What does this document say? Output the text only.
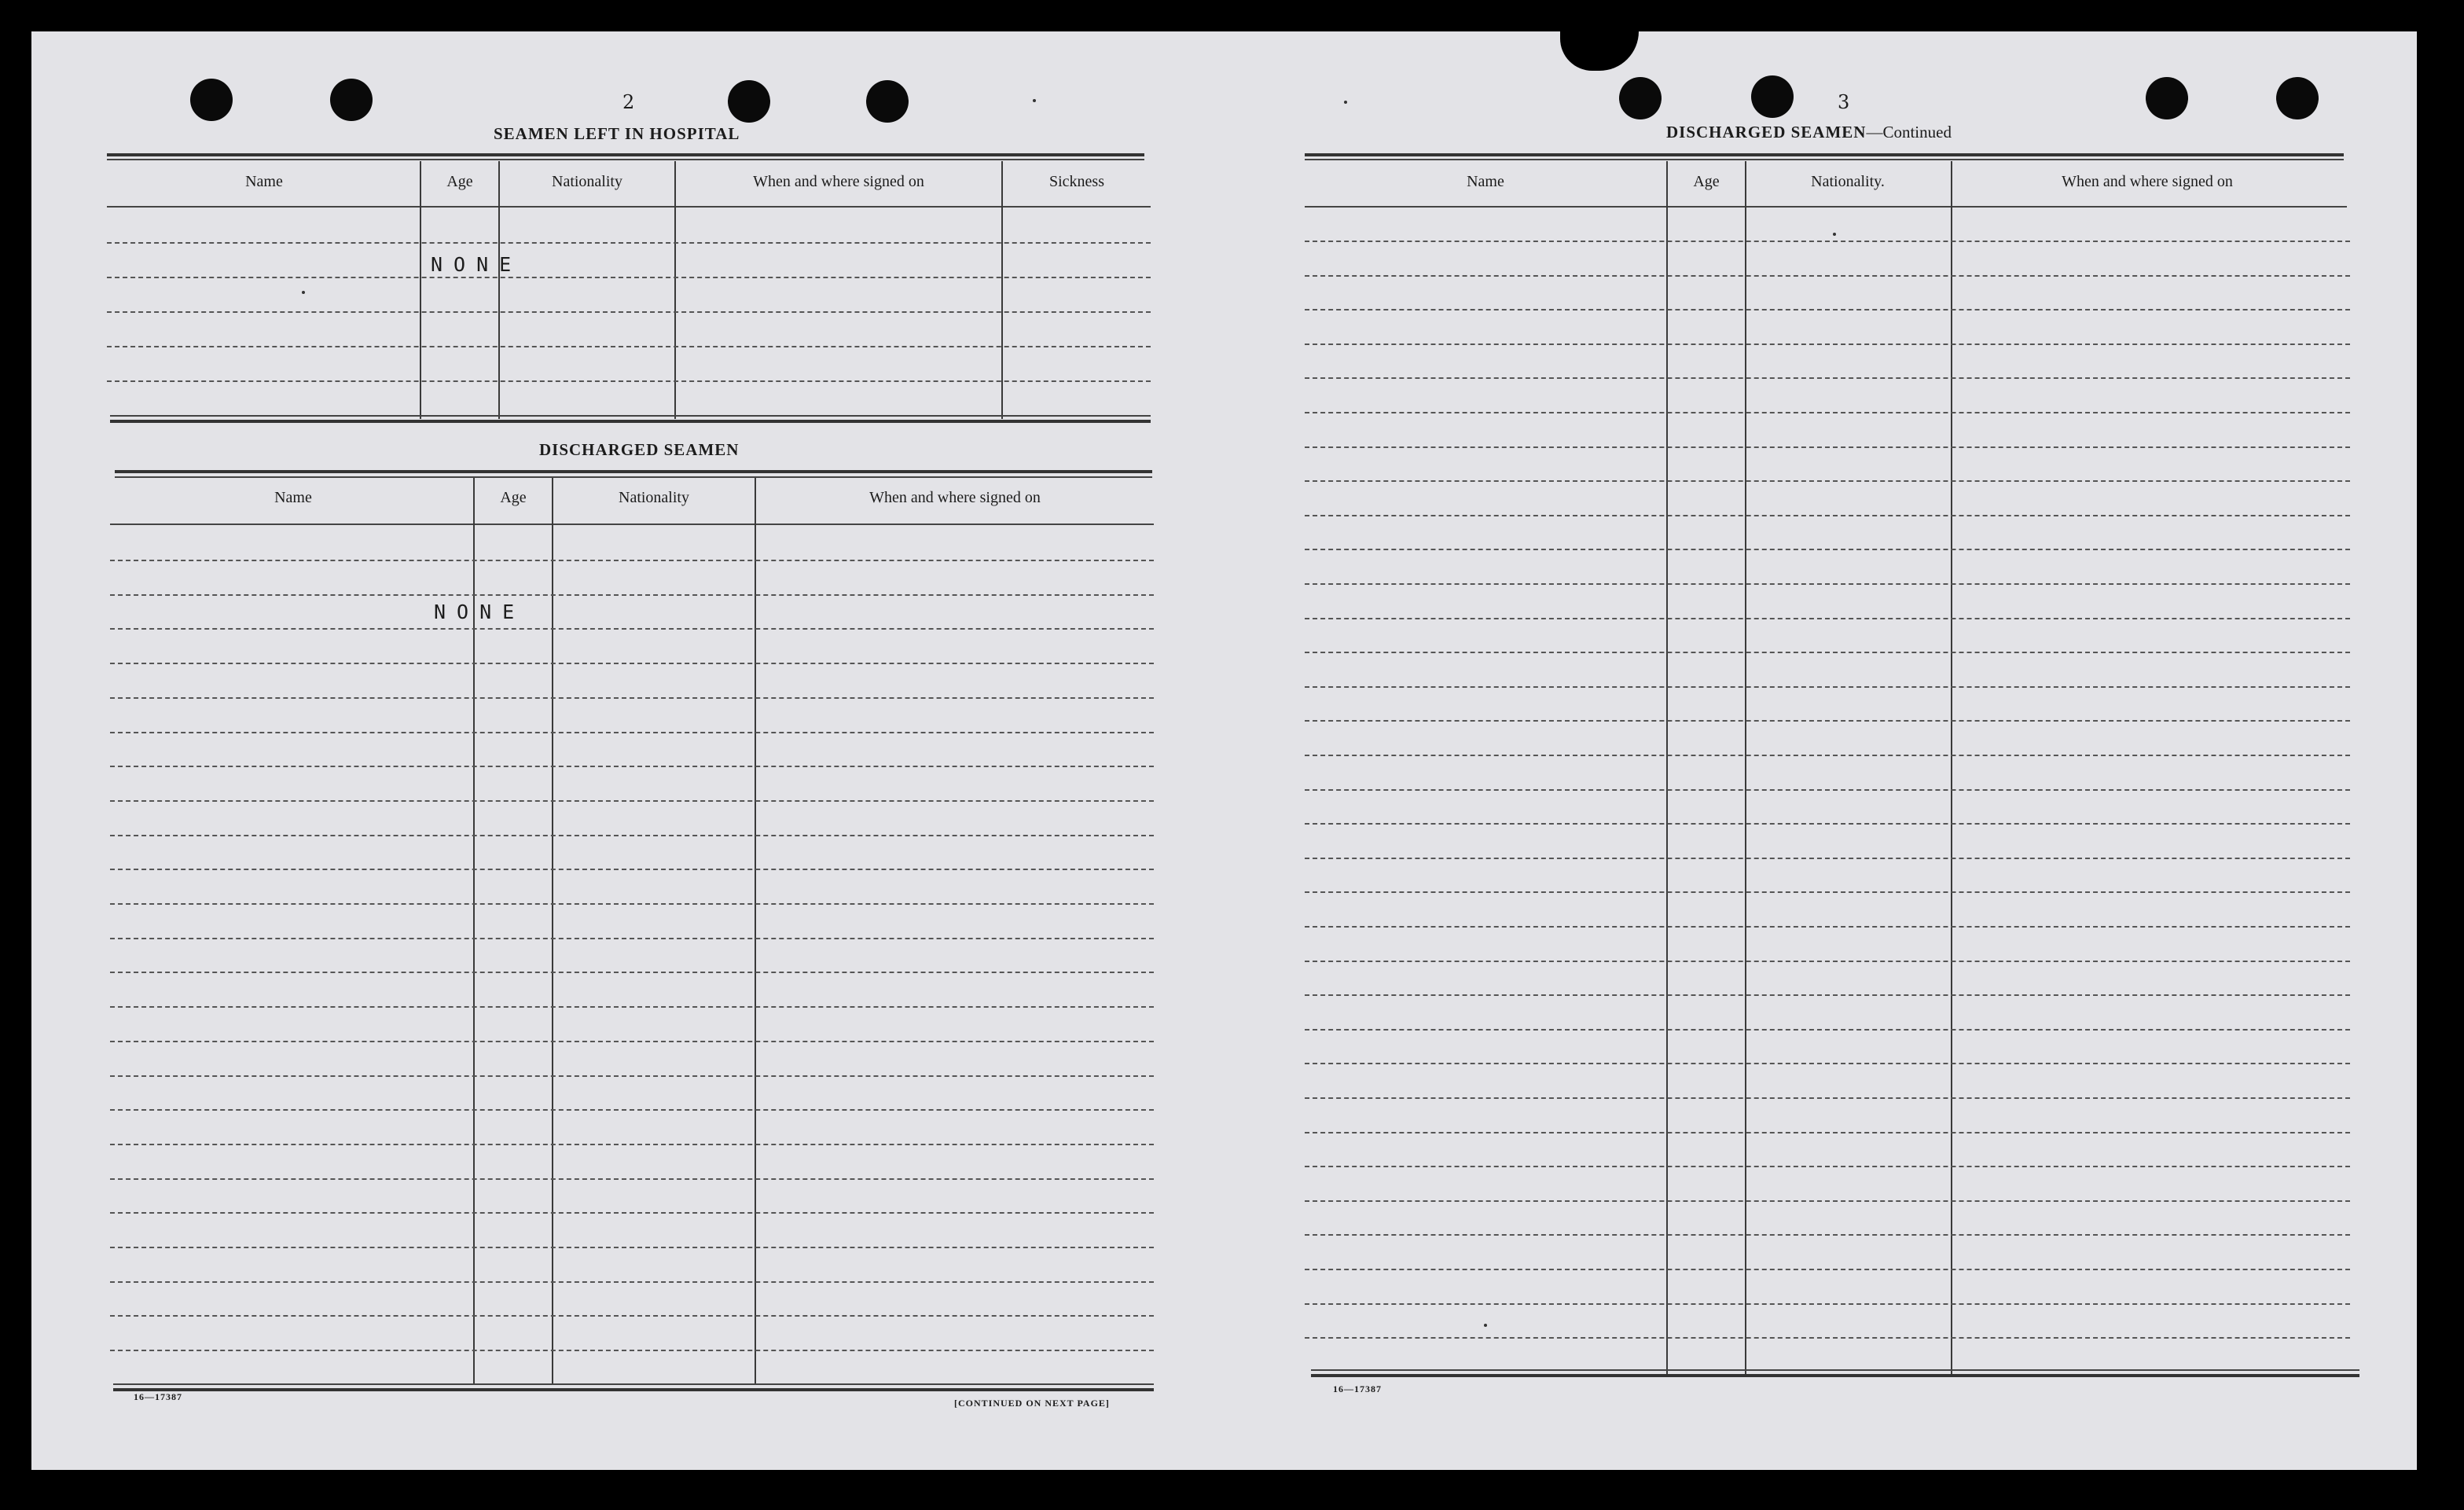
2
SEAMEN LEFT IN HOSPITAL
Name	Age	Nationality	When and where signed on	Sickness
NONE
DISCHARGED SEAMEN
Name	Age	Nationality	When and where signed on
NONE
16—17387
[CONTINUED ON NEXT PAGE]
3
DISCHARGED SEAMEN—Continued
Name	Age	Nationality.	When and where signed on
16—17387
